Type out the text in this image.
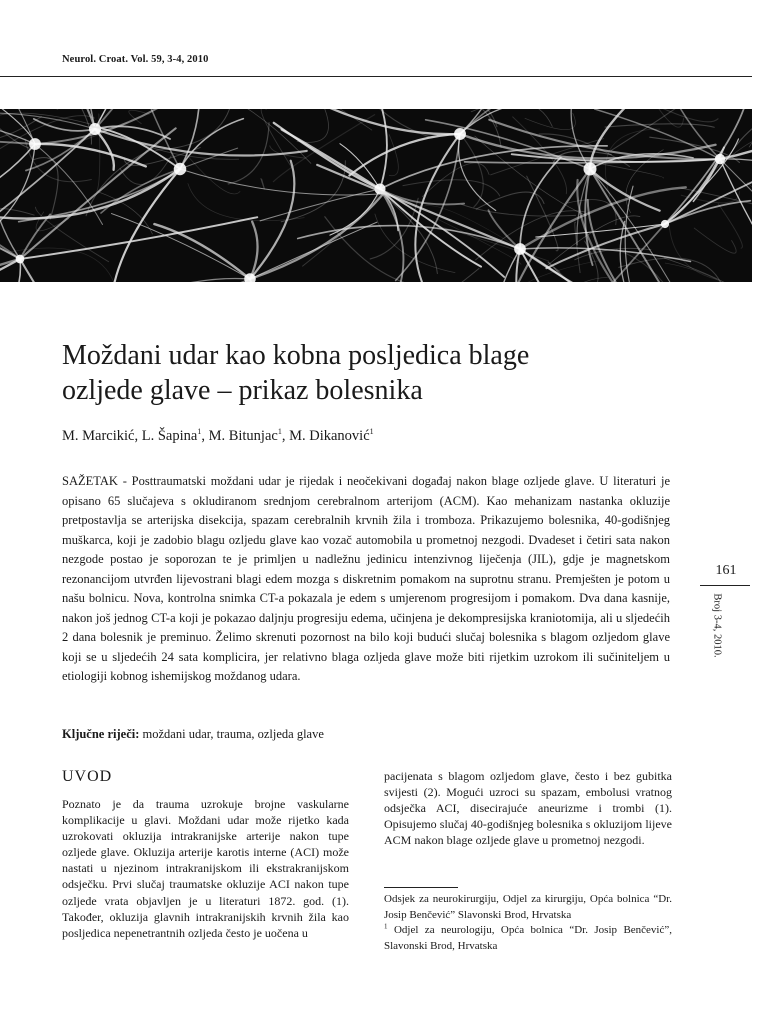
Neurol. Croat. Vol. 59, 3-4, 2010
Moždani udar kao kobna posljedica blage
ozljede glave – prikaz bolesnika
M. Marcikić, L. Šapina$^1$, M. Bitunjac$^1$, M. Dikanović$^1$

SAŽETAK - Posttraumatski moždani udar je rijedak i neočekivani događaj nakon blage ozljede glave. U literaturi je opisano 65 slučajeva s okludiranom srednjom cerebralnom arterijom (ACM). Kao mehanizam nastanka okluzije pretpostavlja se arterijska disekcija, spazam cerebralnih krvnih žila i tromboza. Prikazujemo bolesnika, 40-godišnjeg muškarca, koji je zadobio blagu ozljedu glave kao vozač automobila u prometnoj nezgodi. Dvadeset i četiri sata nakon nezgode postao je soporozan te je primljen u nadležnu jedinicu intenzivnog liječenja (JIL), gdje je magnetskom rezonancijom utvrđen lijevostrani blagi edem mozga s diskretnim pomakom na suprotnu stranu. Premješten je potom u našu bolnicu. Nova, kontrolna snimka CT-a pokazala je edem s umjerenom progresijom i pomakom. Dva dana kasnije, nakon još jednog CT-a koji je pokazao daljnju progresiju edema, učinjena je dekompresijska kraniotomija, ali u sljedećih 2 dana bolesnik je preminuo. Želimo skrenuti pozornost na bilo koji budući slučaj bolesnika s blagom ozljedom glave koji se u sljedećih 24 sata komplicira, jer relativno blaga ozljeda glave može biti rijetkim uzrokom ili sučiniteljem u etiologiji kobnog ishemijskog moždanog udara.

Ključne riječi: moždani udar, trauma, ozljeda glave
UVOD

Poznato je da trauma uzrokuje brojne vaskularne komplikacije u glavi. Moždani udar može rijetko kada uzrokovati okluzija intrakranijske arterije nakon tupe ozljede glave. Okluzija arterije karotis interne (ACI) može nastati u njezinom intrakranijskom ili ekstrakranijskom odsječku. Prvi slučaj traumatske okluzije ACI nakon tupe ozljede vrata objavljen je u literaturi 1872. god. (1). Također, okluzija glavnih intrakranijskih krvnih žila kao posljedica nepenetrantnih ozljeda često je uočena u

pacijenata s blagom ozljedom glave, često i bez gubitka svijesti (2). Mogući uzroci su spazam, embolusi vratnog odsječka ACI, disecirajuće aneurizme i trombi (1). Opisujemo slučaj 40-godišnjeg bolesnika s okluzijom lijeve ACM nakon blage ozljede glave u prometnoj nezgodi.

Odsjek za neurokirurgiju, Odjel za kirurgiju, Opća bolnica “Dr. Josip Benčević” Slavonski Brod, Hrvatska

$^1$ Odjel za neurologiju, Opća bolnica “Dr. Josip Benčević”, Slavonski Brod, Hrvatska

161
Broj 3-4, 2010.
